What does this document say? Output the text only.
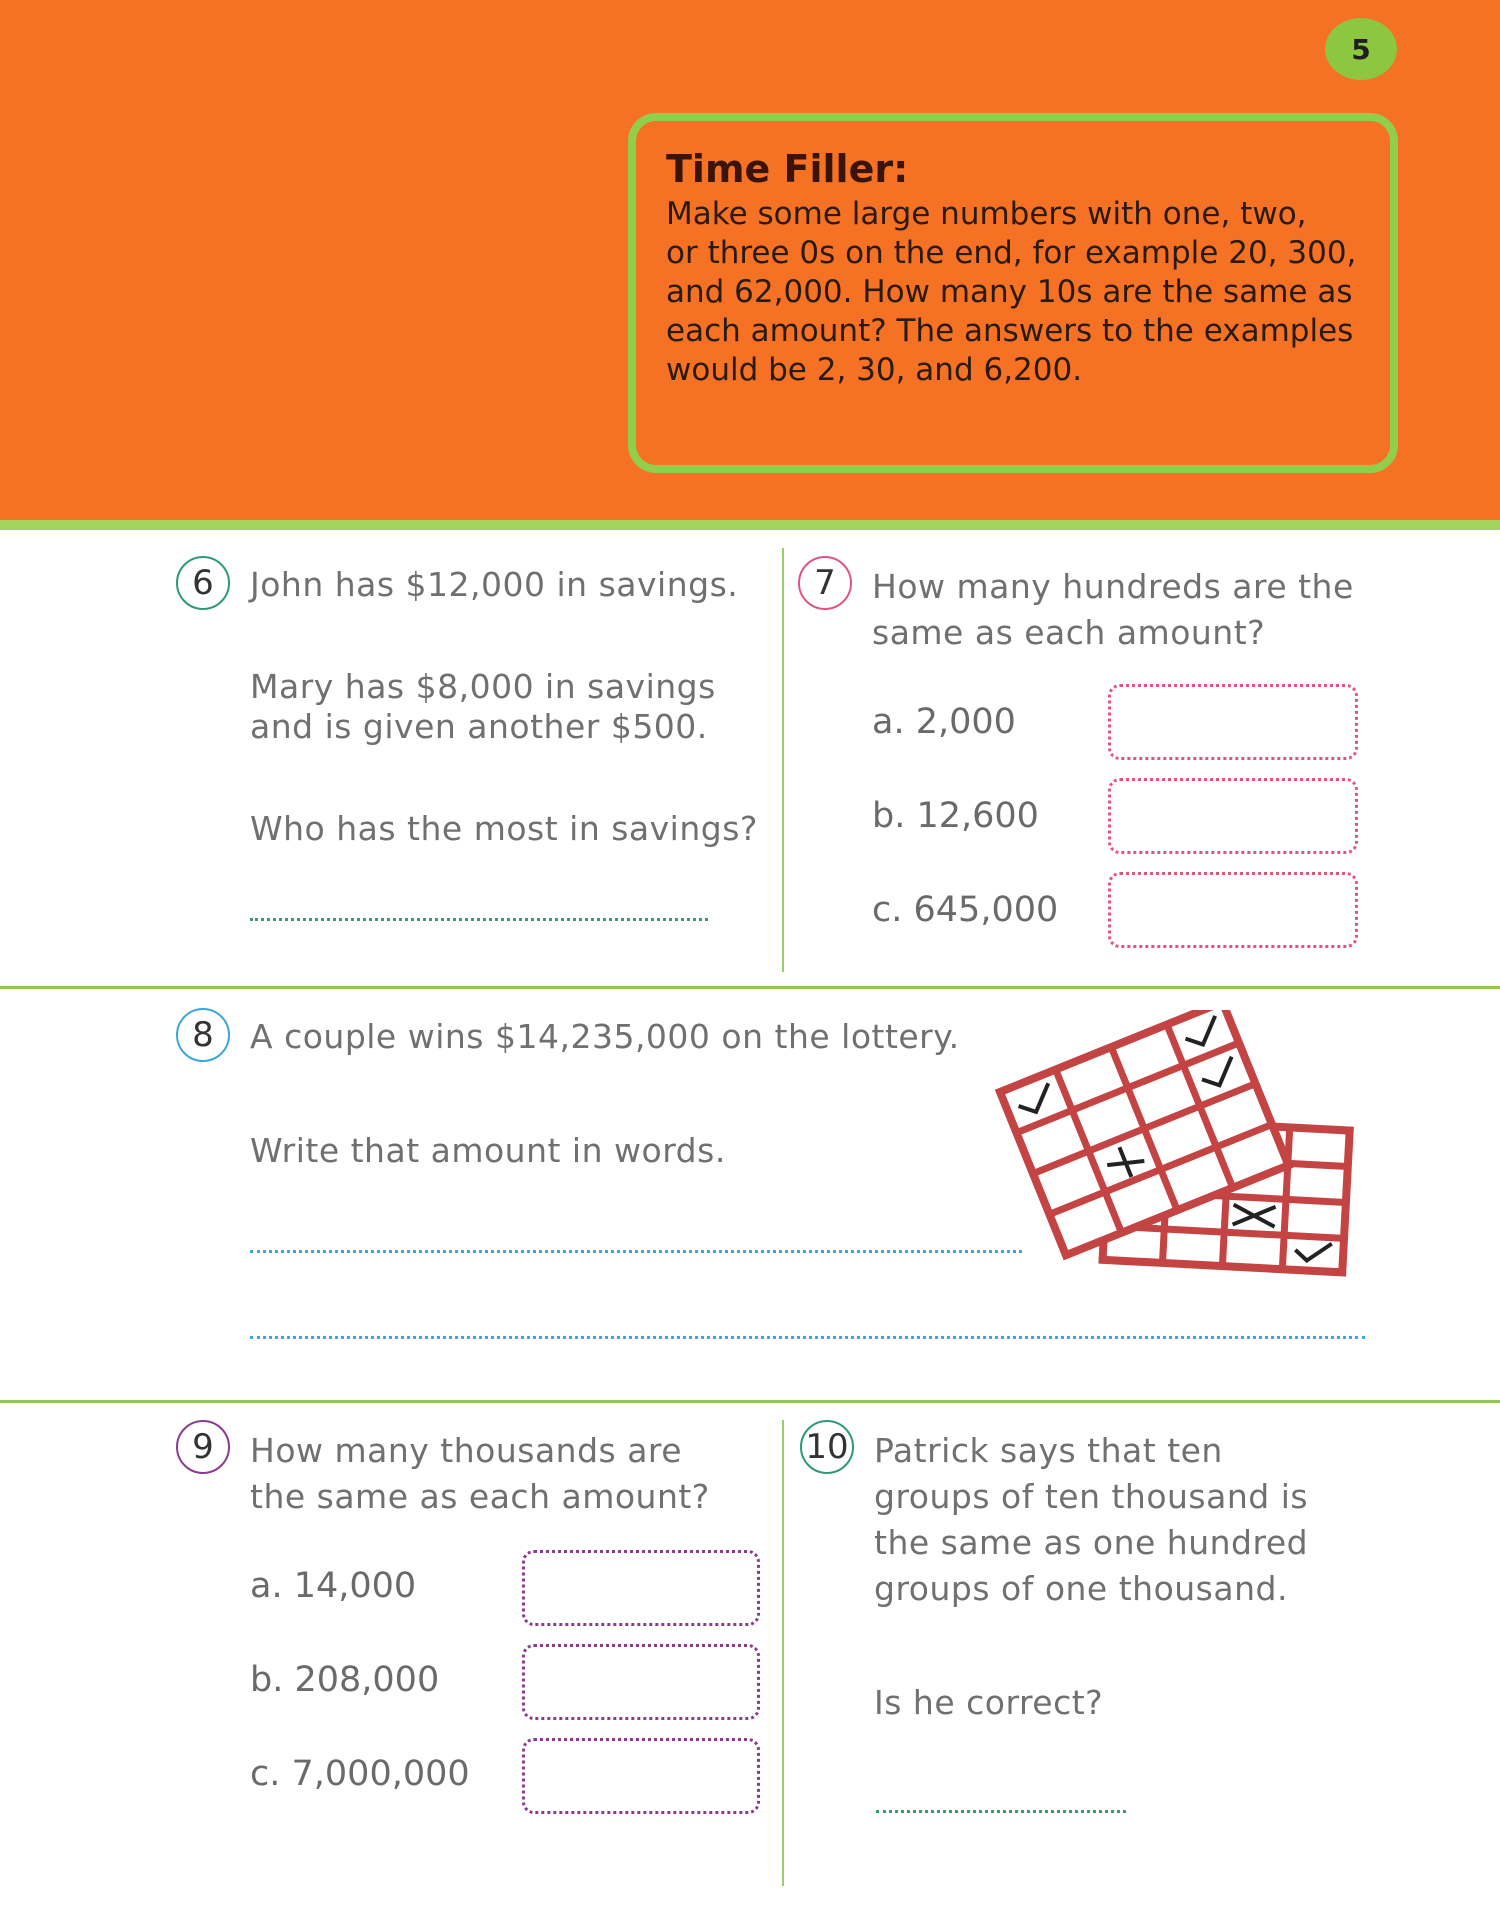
5
Time Filler:
Make some large numbers with one, two,
or three 0s on the end, for example 20, 300,
and 62,000. How many 10s are the same as
each amount? The answers to the examples
would be 2, 30, and 6,200.
6	John has $12,000 in savings.
Mary has $8,000 in savings
and is given another $500.
Who has the most in savings?
7	How many hundreds are the
same as each amount?
a. 2,000
b. 12,600
c. 645,000
8	A couple wins $14,235,000 on the lottery.
Write that amount in words.
9	How many thousands are
the same as each amount?
a. 14,000
b. 208,000
c. 7,000,000
10 Patrick says that ten
groups of ten thousand is
the same as one hundred
groups of one thousand.
Is he correct?
